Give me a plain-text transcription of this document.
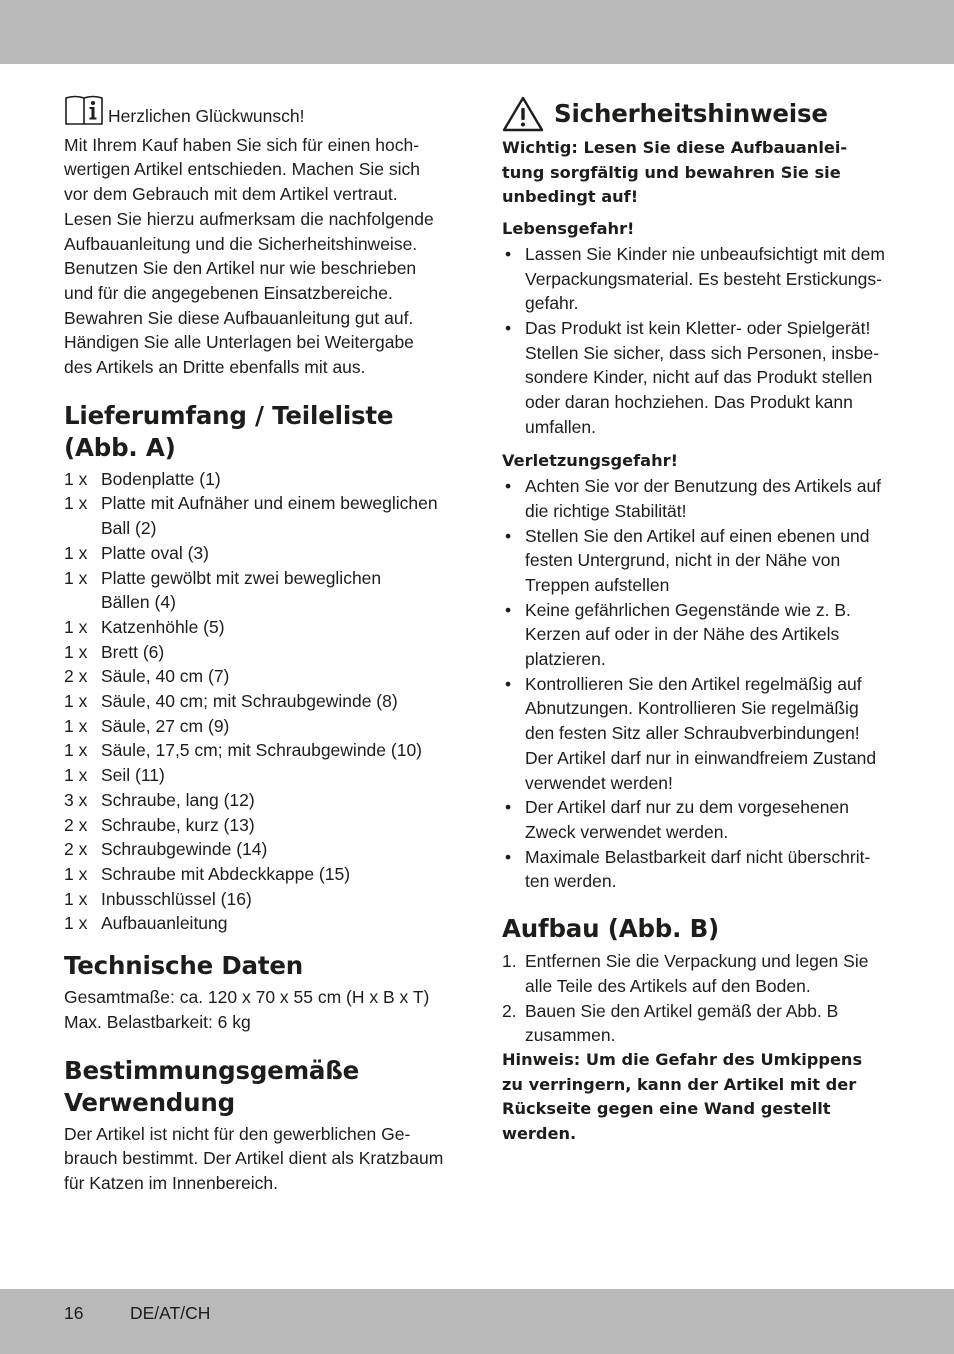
Herzlichen Glückwunsch!

Mit Ihrem Kauf haben Sie sich für einen hoch-
wertigen Artikel entschieden. Machen Sie sich
vor dem Gebrauch mit dem Artikel vertraut.
Lesen Sie hierzu aufmerksam die nachfolgende
Aufbauanleitung und die Sicherheitshinweise.
Benutzen Sie den Artikel nur wie beschrieben
und für die angegebenen Einsatzbereiche.
Bewahren Sie diese Aufbauanleitung gut auf.
Händigen Sie alle Unterlagen bei Weitergabe
des Artikels an Dritte ebenfalls mit aus.
Lieferumfang / Teileliste
(Abb. A)
1 x Bodenplatte (1)
1 x Platte mit Aufnäher und einem beweglichen
Ball (2)
1 x Platte oval (3)
1 x Platte gewölbt mit zwei beweglichen
Bällen (4)
1 x Katzenhöhle (5)
1 x Brett (6)
2 x Säule, 40 cm (7)
1 x Säule, 40 cm; mit Schraubgewinde (8)
1 x Säule, 27 cm (9)
1 x Säule, 17,5 cm; mit Schraubgewinde (10)
1 x Seil (11)
3 x Schraube, lang (12)
2 x Schraube, kurz (13)
2 x Schraubgewinde (14)
1 x Schraube mit Abdeckkappe (15)
1 x Inbusschlüssel (16)
1 x Aufbauanleitung
Technische Daten
Gesamtmaße: ca. 120 x 70 x 55 cm (H x B x T)
Max. Belastbarkeit: 6 kg
Bestimmungsgemäße
Verwendung
Der Artikel ist nicht für den gewerblichen Ge-
brauch bestimmt. Der Artikel dient als Kratzbaum
für Katzen im Innenbereich.
Sicherheitshinweise
Wichtig: Lesen Sie diese Aufbauanlei-
tung sorgfältig und bewahren Sie sie
unbedingt auf!
Lebensgefahr!
• Lassen Sie Kinder nie unbeaufsichtigt mit dem
Verpackungsmaterial. Es besteht Erstickungs-
gefahr.
• Das Produkt ist kein Kletter- oder Spielgerät!
Stellen Sie sicher, dass sich Personen, insbe-
sondere Kinder, nicht auf das Produkt stellen
oder daran hochziehen. Das Produkt kann
umfallen.
Verletzungsgefahr!
• Achten Sie vor der Benutzung des Artikels auf
die richtige Stabilität!
• Stellen Sie den Artikel auf einen ebenen und
festen Untergrund, nicht in der Nähe von
Treppen aufstellen
• Keine gefährlichen Gegenstände wie z. B.
Kerzen auf oder in der Nähe des Artikels
platzieren.
• Kontrollieren Sie den Artikel regelmäßig auf
Abnutzungen. Kontrollieren Sie regelmäßig
den festen Sitz aller Schraubverbindungen!
Der Artikel darf nur in einwandfreiem Zustand
verwendet werden!
• Der Artikel darf nur zu dem vorgesehenen
Zweck verwendet werden.
• Maximale Belastbarkeit darf nicht überschrit-
ten werden.
Aufbau (Abb. B)
1. Entfernen Sie die Verpackung und legen Sie
alle Teile des Artikels auf den Boden.
2. Bauen Sie den Artikel gemäß der Abb. B
zusammen.
Hinweis: Um die Gefahr des Umkippens
zu verringern, kann der Artikel mit der
Rückseite gegen eine Wand gestellt
werden.
16	DE/AT/CH
